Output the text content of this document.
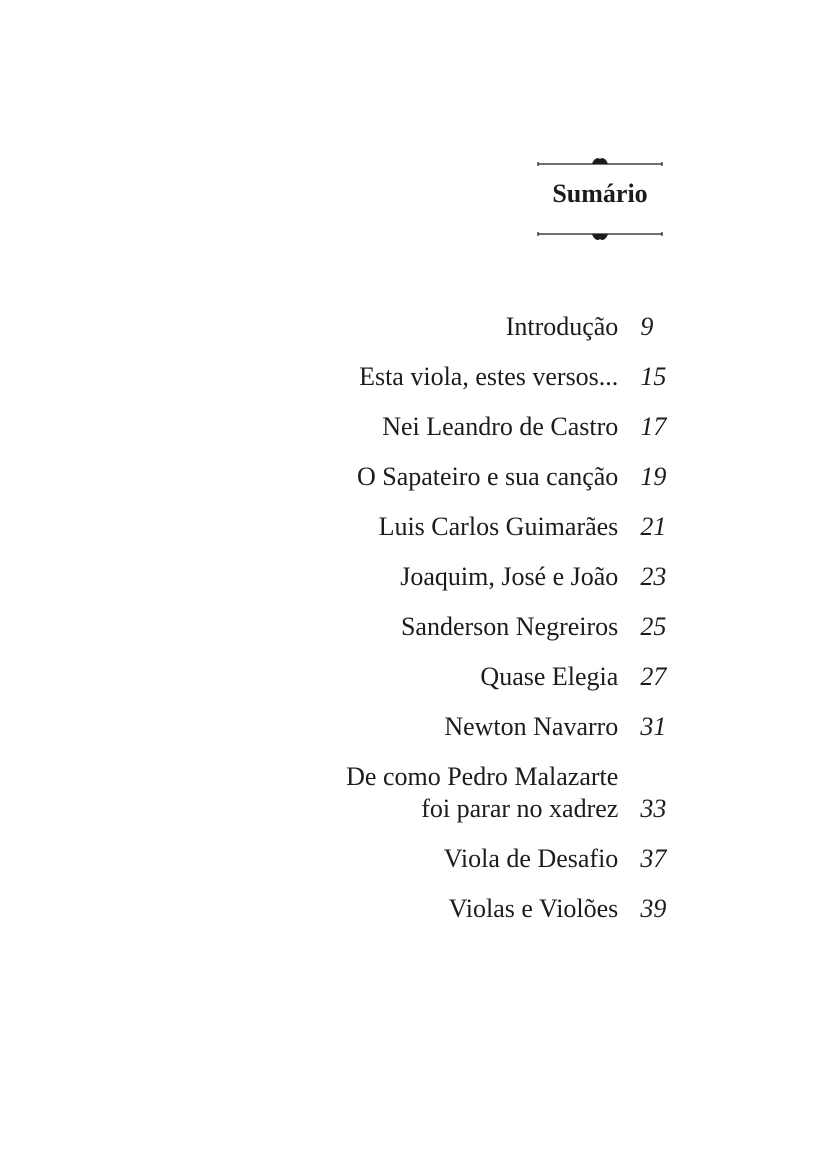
Sumário
Introdução 9
Esta viola, estes versos... 15
Nei Leandro de Castro 17
O Sapateiro e sua canção 19
Luis Carlos Guimarães 21
Joaquim, José e João 23
Sanderson Negreiros 25
Quase Elegia 27
Newton Navarro 31
De como Pedro Malazarte
foi parar no xadrez 33
Viola de Desafio 37
Violas e Violões 39
